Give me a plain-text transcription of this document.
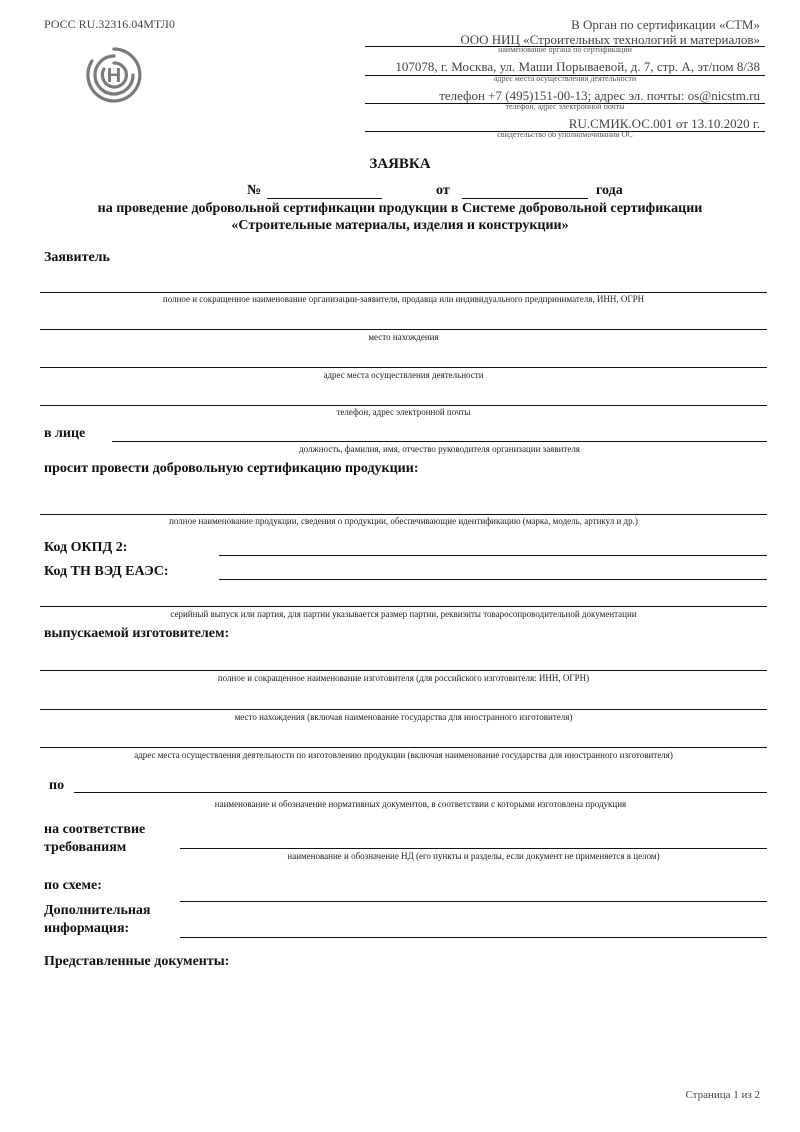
РОСС RU.32316.04МТЛ0
Н
В Орган по сертификации «СТМ»
ООО НИЦ «Строительных технологий и материалов»
наименование органа по сертификации
107078, г. Москва, ул. Маши Порываевой, д. 7, стр. А, эт/пом 8/38
адрес места осуществления деятельности
телефон +7 (495)151-00-13; адрес эл. почты: os@nicstm.ru
телефон, адрес электронной почты
RU.СМИК.ОС.001 от 13.10.2020 г.
свидетельство об уполномочивании ОС
ЗАЯВКА
№	от	года
на проведение добровольной сертификации продукции в Системе добровольной сертификации
«Строительные материалы, изделия и конструкции»
Заявитель
полное и сокращенное наименование организации-заявителя, продавца или индивидуального предпринимателя, ИНН, ОГРН
место нахождения
адрес места осуществления деятельности
телефон, адрес электронной почты
в лице
должность, фамилия, имя, отчество руководителя организации заявителя
просит провести добровольную сертификацию продукции:
полное наименование продукции, сведения о продукции, обеспечивающие идентификацию (марка, модель, артикул и др.)
Код ОКПД 2:
Код ТН ВЭД ЕАЭС:
серийный выпуск или партия, для партии указывается размер партии, реквизиты товаросопроводительной документации
выпускаемой изготовителем:
полное и сокращенное наименование изготовителя (для российского изготовителя: ИНН, ОГРН)
место нахождения (включая наименование государства для иностранного изготовителя)
адрес места осуществления деятельности по изготовлению продукции (включая наименование государства для иностранного изготовителя)
по
наименование и обозначение нормативных документов, в соответствии с которыми изготовлена продукция
на соответствие
требованиям
наименование и обозначение НД (его пункты и разделы, если документ не применяется в целом)
по схеме:
Дополнительная
информация:
Представленные документы:
Страница 1 из 2
